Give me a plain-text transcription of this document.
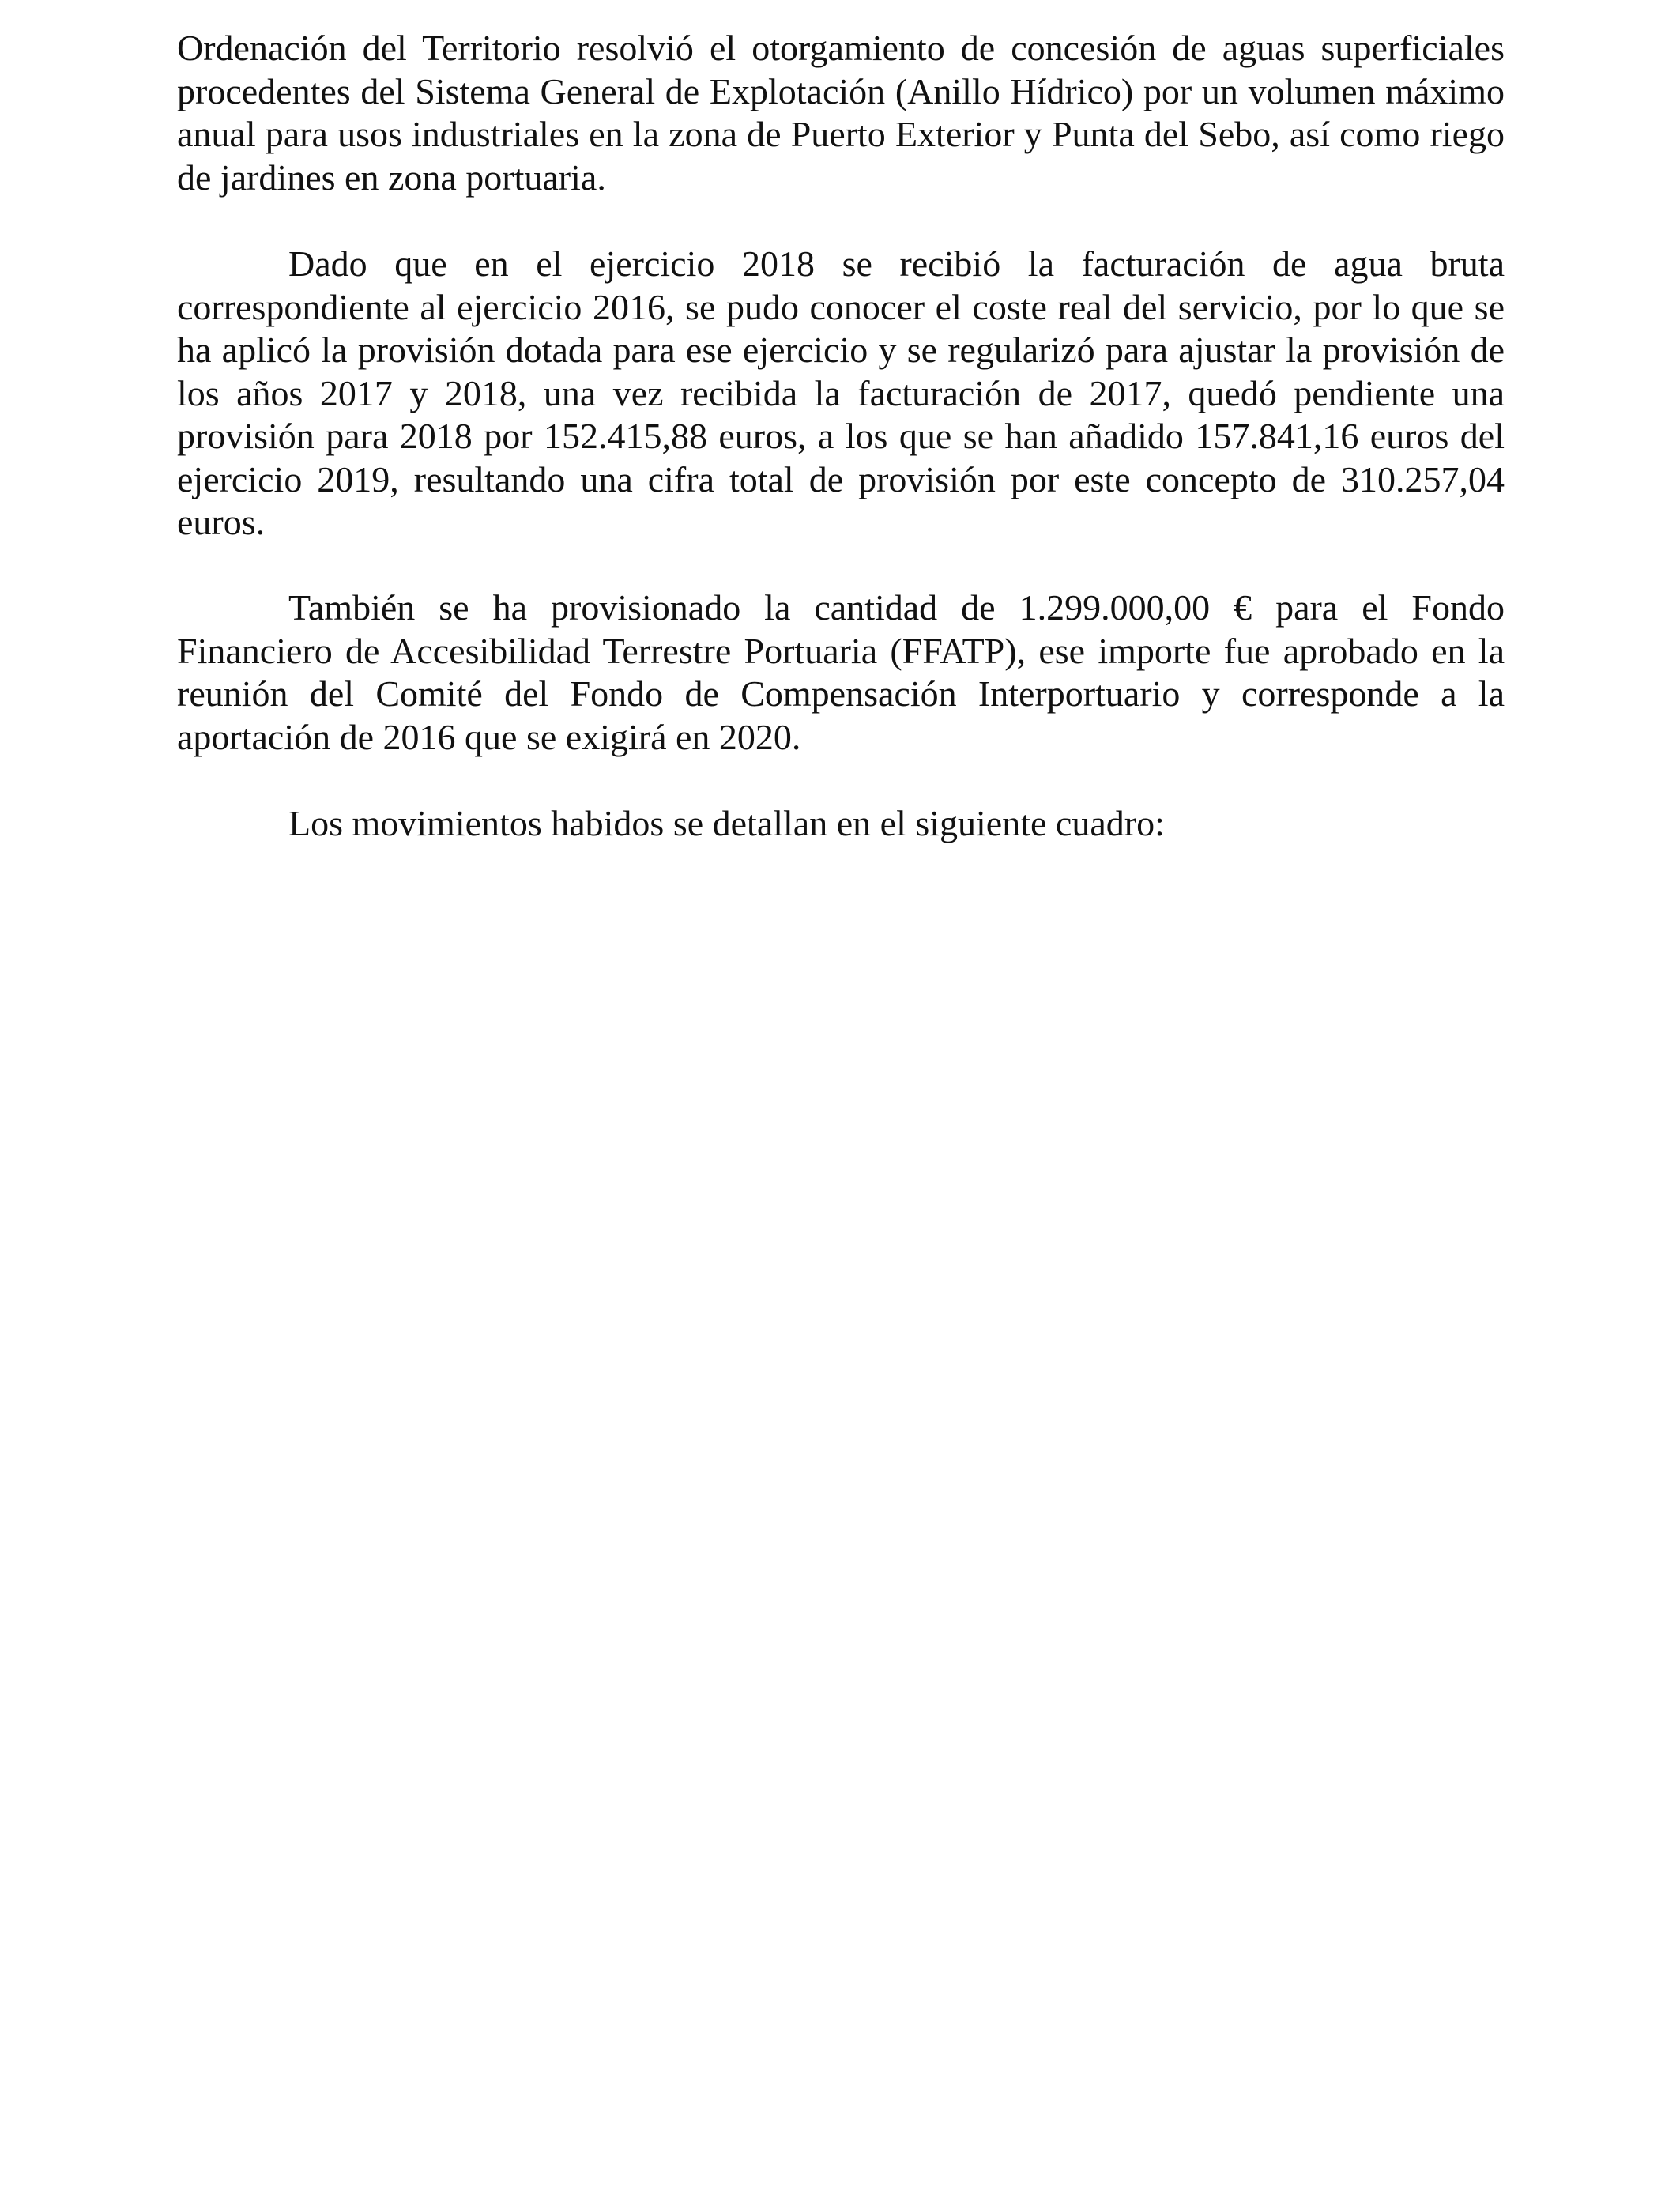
Ordenación del Territorio resolvió el otorgamiento de concesión de aguas superficiales procedentes del Sistema General de Explotación (Anillo Hídrico) por un volumen máximo anual para usos industriales en la zona de Puerto Exterior y Punta del Sebo, así como riego de jardines en zona portuaria.

Dado que en el ejercicio 2018 se recibió la facturación de agua bruta correspondiente al ejercicio 2016, se pudo conocer el coste real del servicio, por lo que se ha aplicó la provisión dotada para ese ejercicio y se regularizó para ajustar la provisión de los años 2017 y 2018, una vez recibida la facturación de 2017, quedó pendiente una provisión para 2018 por 152.415,88 euros, a los que se han añadido 157.841,16 euros del ejercicio 2019, resultando una cifra total de provisión por este concepto de 310.257,04 euros.

También se ha provisionado la cantidad de 1.299.000,00 € para el Fondo Financiero de Accesibilidad Terrestre Portuaria (FFATP), ese importe fue aprobado en la reunión del Comité del Fondo de Compensación Interportuario y corresponde a la aportación de 2016 que se exigirá en 2020.

Los movimientos habidos se detallan en el siguiente cuadro:
